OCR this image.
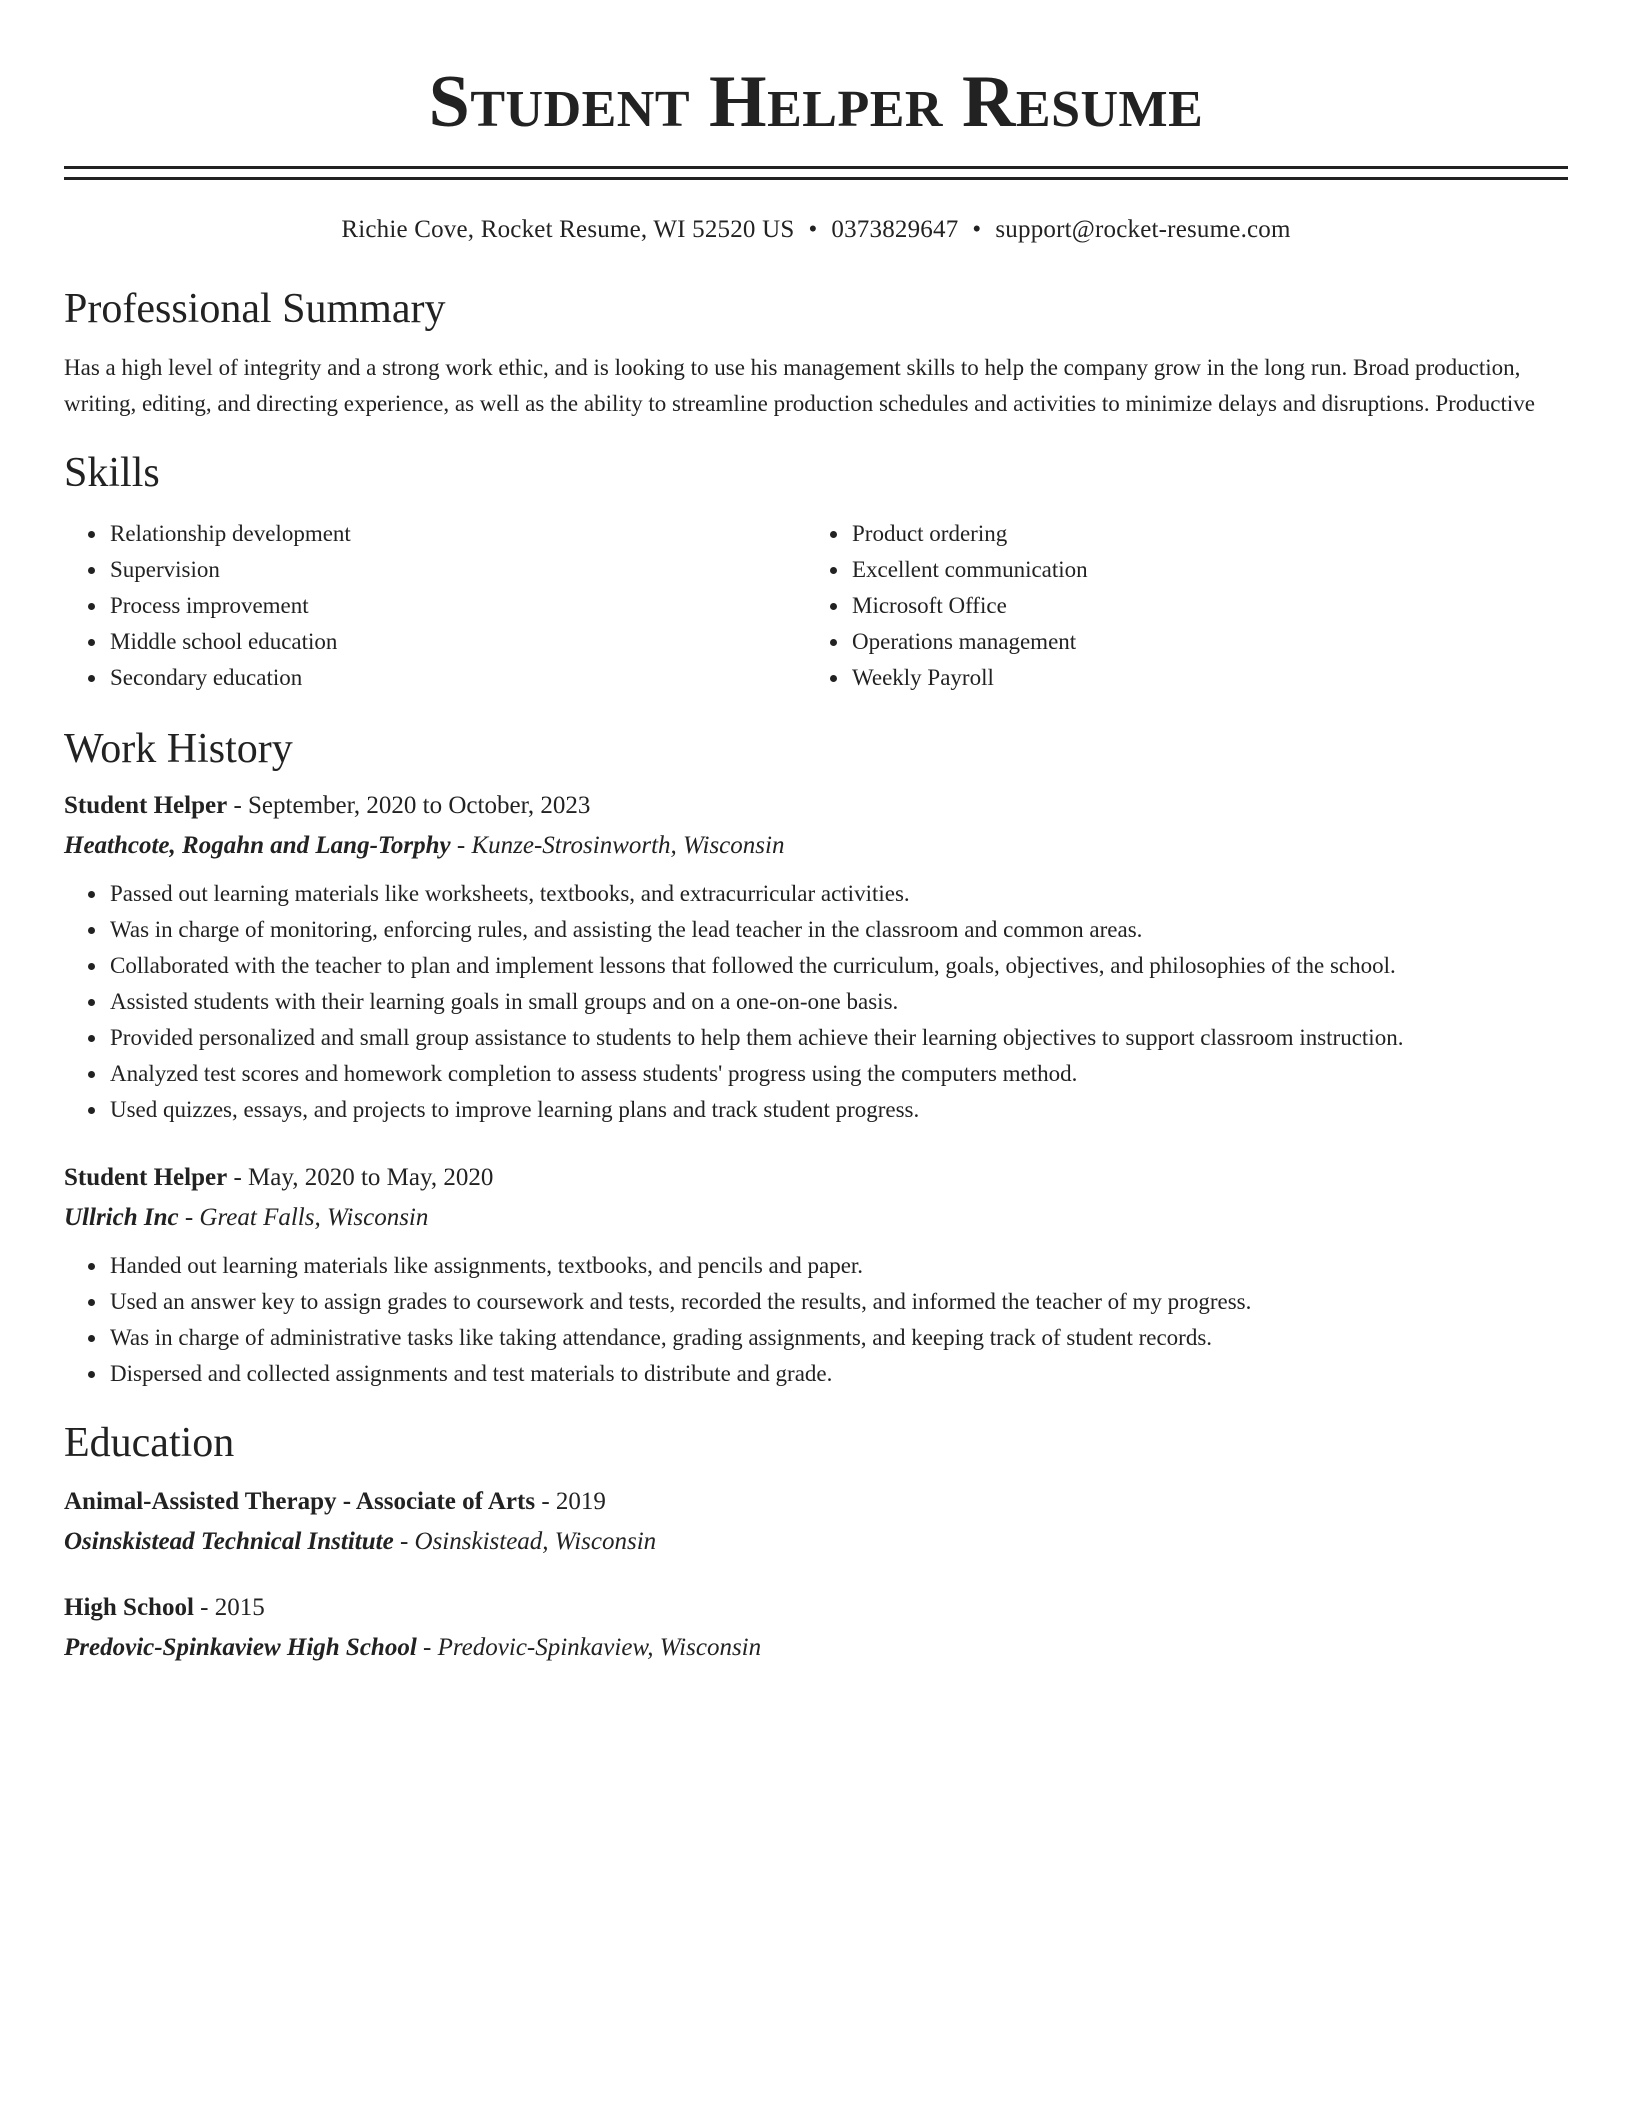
Student Helper Resume
Richie Cove, Rocket Resume, WI 52520 US • 0373829647 • support@rocket-resume.com
Professional Summary
Has a high level of integrity and a strong work ethic, and is looking to use his management skills to help the company grow in the long run. Broad production, writing, editing, and directing experience, as well as the ability to streamline production schedules and activities to minimize delays and disruptions. Productive
Skills
• Relationship development
• Supervision
• Process improvement
• Middle school education
• Secondary education
• Product ordering
• Excellent communication
• Microsoft Office
• Operations management
• Weekly Payroll
Work History
Student Helper - September, 2020 to October, 2023
Heathcote, Rogahn and Lang-Torphy - Kunze-Strosinworth, Wisconsin
• Passed out learning materials like worksheets, textbooks, and extracurricular activities.
• Was in charge of monitoring, enforcing rules, and assisting the lead teacher in the classroom and common areas.
• Collaborated with the teacher to plan and implement lessons that followed the curriculum, goals, objectives, and philosophies of the school.
• Assisted students with their learning goals in small groups and on a one-on-one basis.
• Provided personalized and small group assistance to students to help them achieve their learning objectives to support classroom instruction.
• Analyzed test scores and homework completion to assess students' progress using the computers method.
• Used quizzes, essays, and projects to improve learning plans and track student progress.
Student Helper - May, 2020 to May, 2020
Ullrich Inc - Great Falls, Wisconsin
• Handed out learning materials like assignments, textbooks, and pencils and paper.
• Used an answer key to assign grades to coursework and tests, recorded the results, and informed the teacher of my progress.
• Was in charge of administrative tasks like taking attendance, grading assignments, and keeping track of student records.
• Dispersed and collected assignments and test materials to distribute and grade.
Education
Animal-Assisted Therapy - Associate of Arts - 2019
Osinskistead Technical Institute - Osinskistead, Wisconsin
High School - 2015
Predovic-Spinkaview High School - Predovic-Spinkaview, Wisconsin
